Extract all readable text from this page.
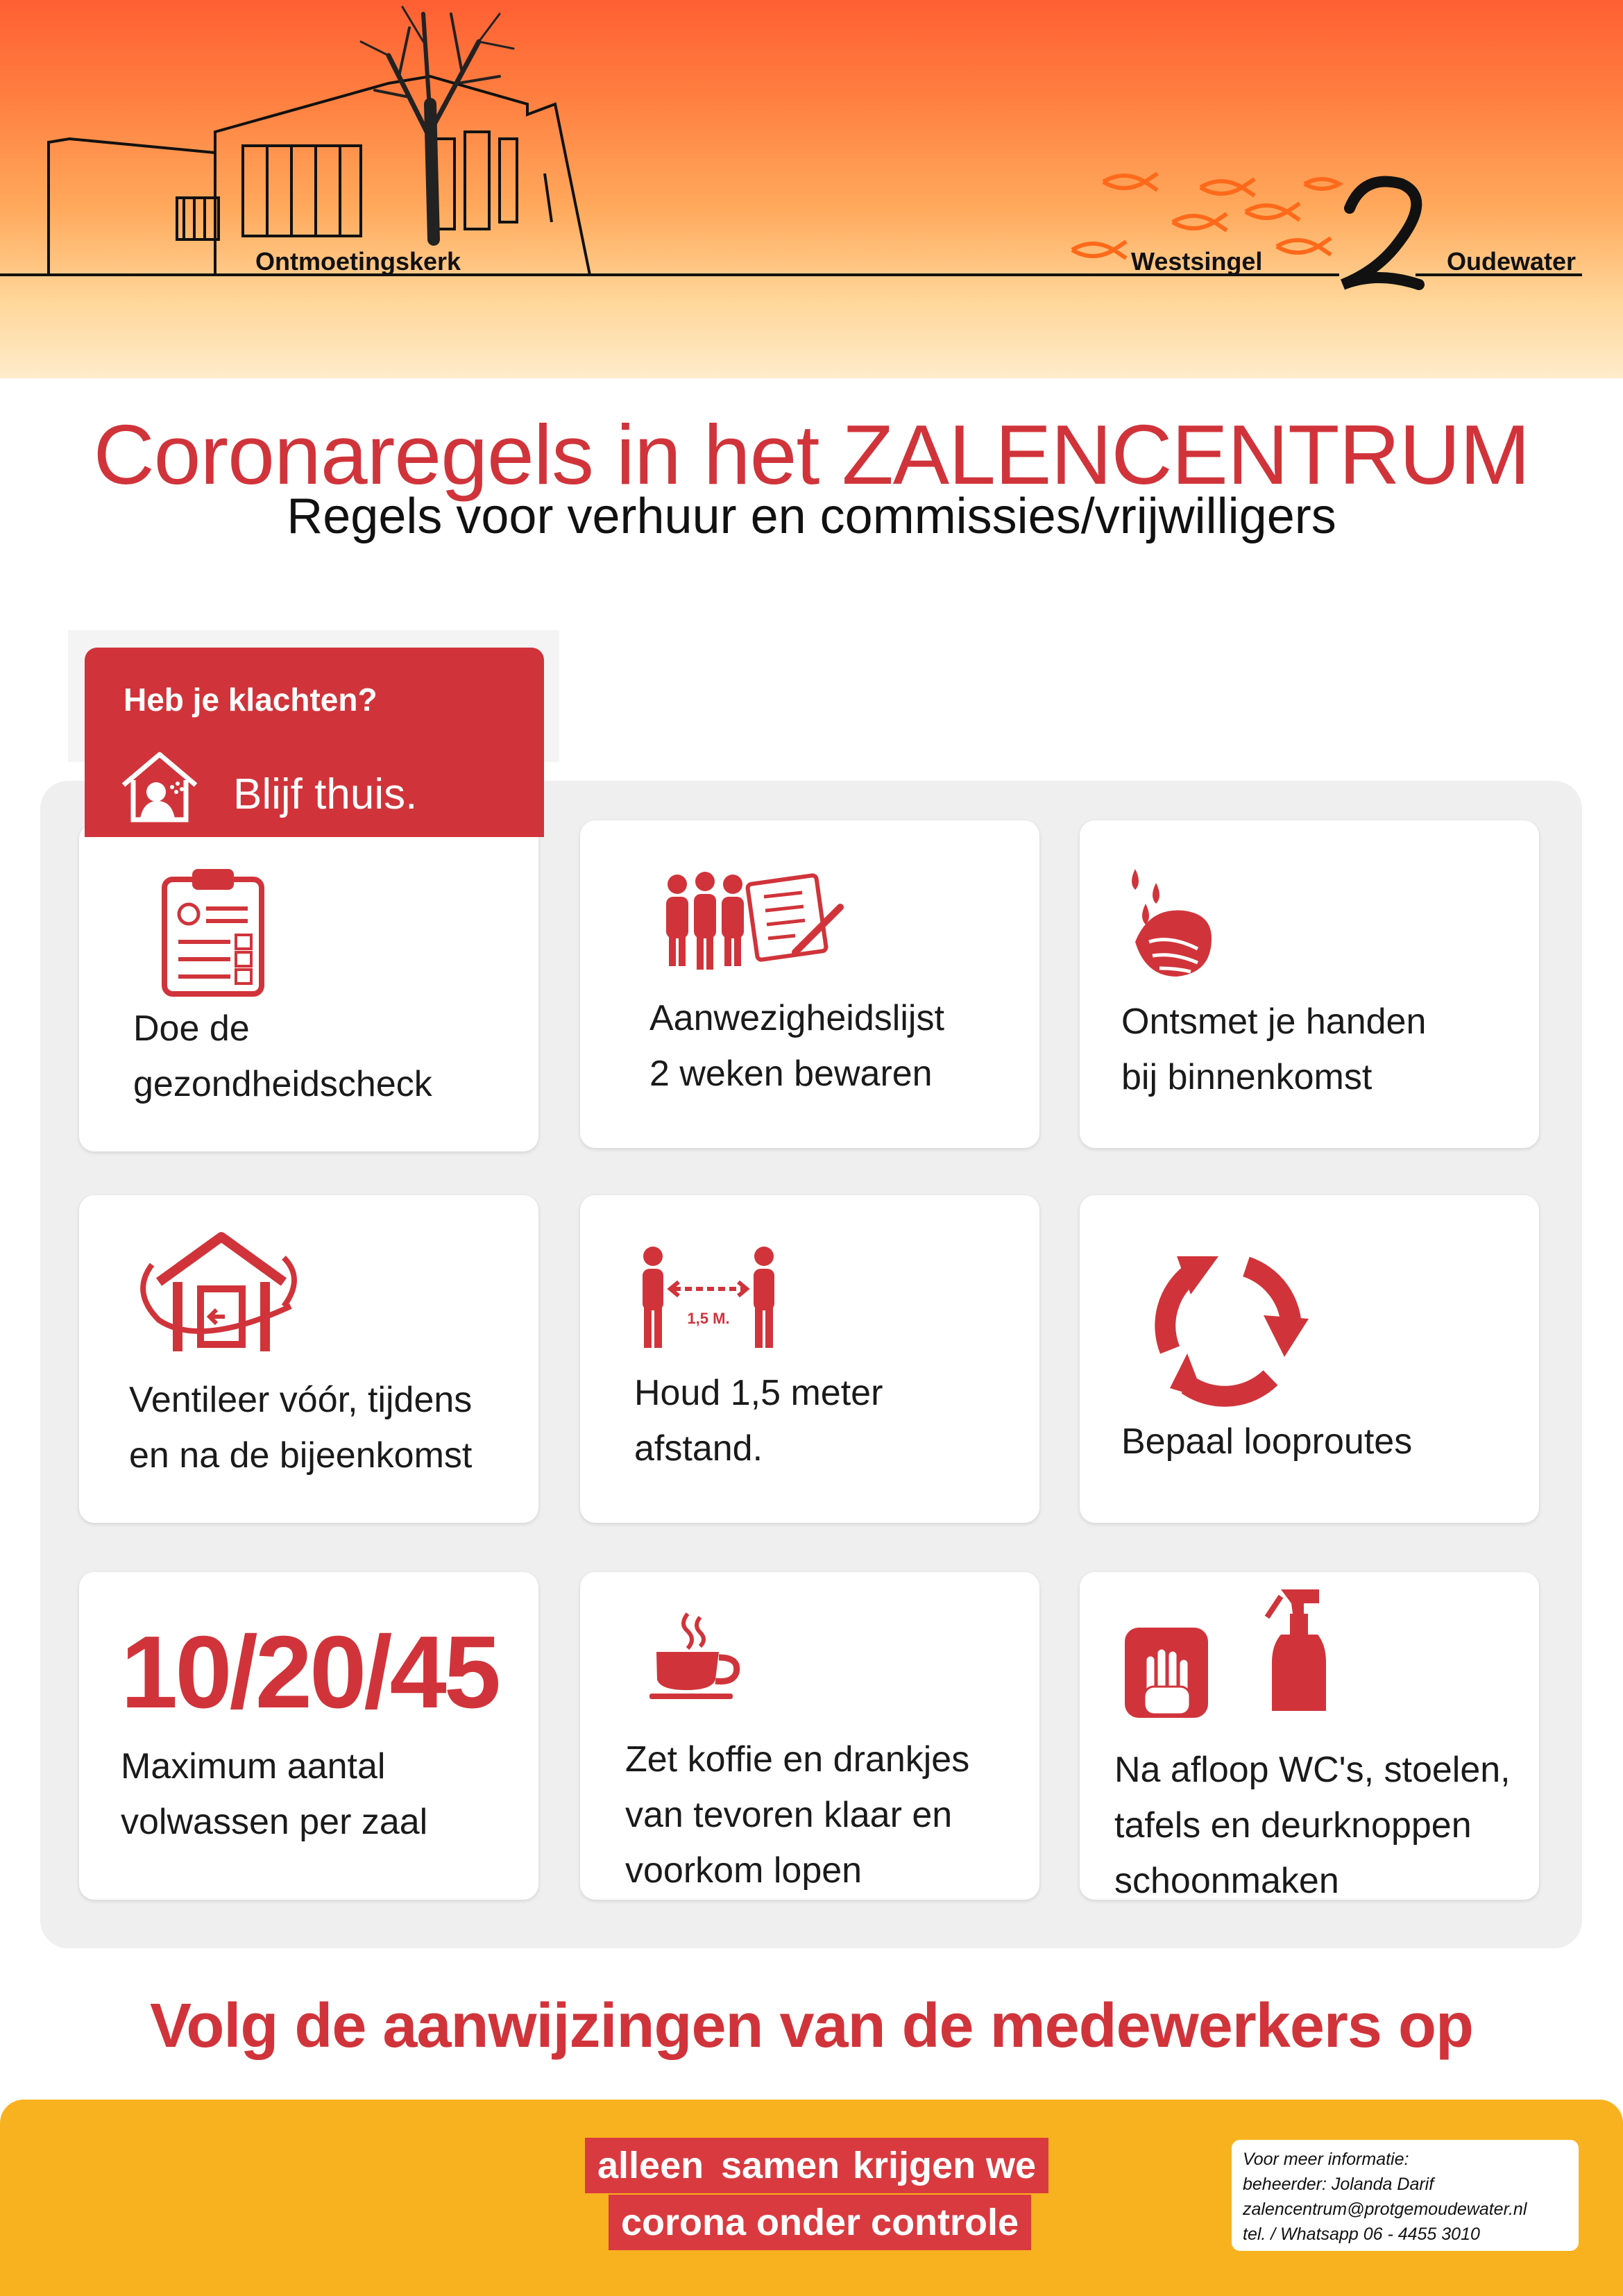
Ontmoetingskerk	Westsingel	Oudewater
Coronaregels in het ZALENCENTRUM
Regels voor verhuur en commissies/vrijwilligers
Doe de
gezondheidscheck
Aanwezigheidslijst
2 weken bewaren
Ontsmet je handen
bij binnenkomst
Ventileer vóór, tijdens
en na de bijeenkomst
1,5 M.
Houd 1,5 meter
afstand.	Bepaal looproutes
10/20/45
Maximum aantal
volwassen per zaal
Zet koffie en drankjes
van tevoren klaar en
voorkom lopen
Na afloop WC's, stoelen,
tafels en deurknoppen
schoonmaken
Heb je klachten?
Blijf thuis.
Volg de aanwijzingen van de medewerkers op
alleen samen krijgen we
corona onder controle
Voor meer informatie:
beheerder: Jolanda Darif
zalencentrum@protgemoudewater.nl
tel. / Whatsapp 06 - 4455 3010
